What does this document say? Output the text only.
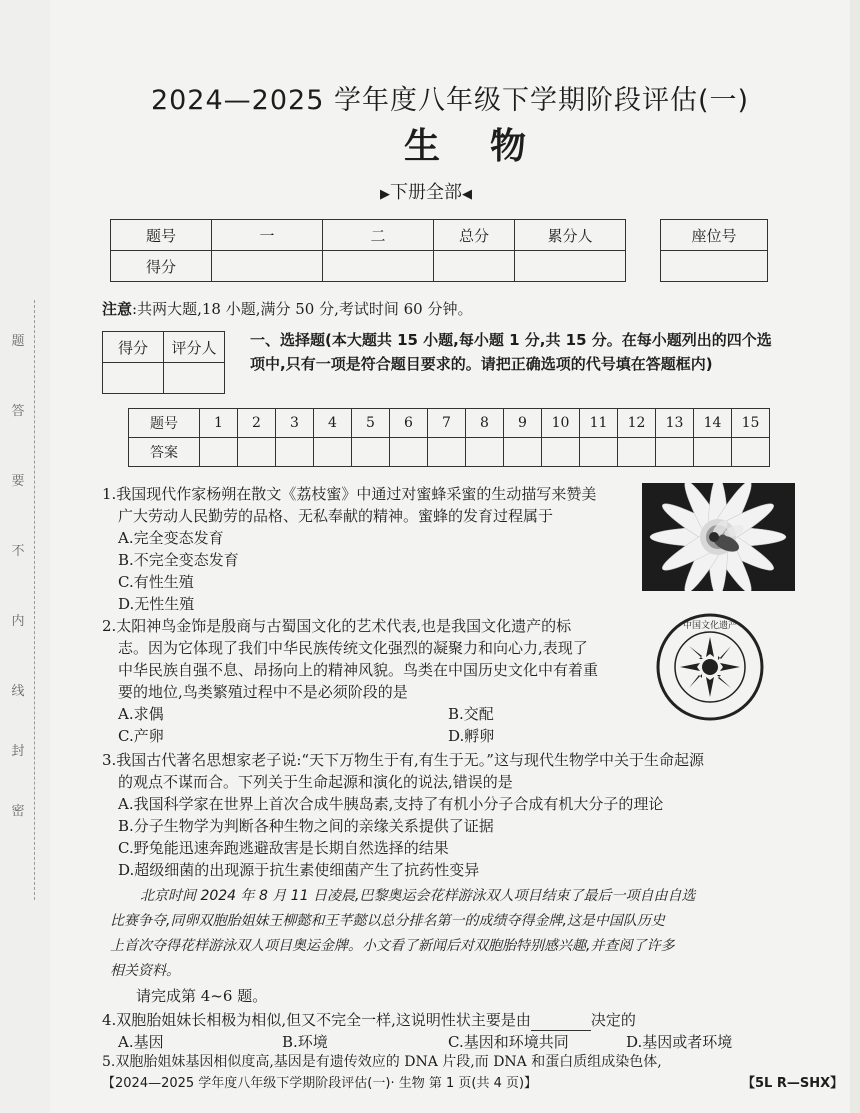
题
答
要
不
内
线
封
密
2024—2025 学年度八年级下学期阶段评估(一)
生物
▶下册全部◀
题号	一	二	总分	累分人
得分				
座位号

注意:共两大题,18 小题,满分 50 分,考试时间 60 分钟。
得分	评分人
	一、选择题(本大题共 15 小题,每小题 1 分,共 15 分。在每小题列出的四个选项中,只有一项是符合题目要求的。请把正确选项的代号填在答题框内)
题号	1	2	3	4	5	6	7	8	9	10	11	12	13	14	15
答案															
1.我国现代作家杨朔在散文《荔枝蜜》中通过对蜜蜂采蜜的生动描写来赞美
广大劳动人民勤劳的品格、无私奉献的精神。蜜蜂的发育过程属于
A.完全变态发育
B.不完全变态发育
C.有性生殖
D.无性生殖
2.太阳神鸟金饰是殷商与古蜀国文化的艺术代表,也是我国文化遗产的标
志。因为它体现了我们中华民族传统文化强烈的凝聚力和向心力,表现了
中华民族自强不息、昂扬向上的精神风貌。鸟类在中国历史文化中有着重
要的地位,鸟类繁殖过程中不是必须阶段的是
A.求偶	B.交配
C.产卵	D.孵卵
中国文化遗产
3.我国古代著名思想家老子说:“天下万物生于有,有生于无。”这与现代生物学中关于生命起源
的观点不谋而合。下列关于生命起源和演化的说法,错误的是
A.我国科学家在世界上首次合成牛胰岛素,支持了有机小分子合成有机大分子的理论
B.分子生物学为判断各种生物之间的亲缘关系提供了证据
C.野兔能迅速奔跑逃避敌害是长期自然选择的结果
D.超级细菌的出现源于抗生素使细菌产生了抗药性变异
北京时间 2024 年 8 月 11 日凌晨,巴黎奥运会花样游泳双人项目结束了最后一项自由自选
比赛争夺,同卵双胞胎姐妹王柳懿和王芊懿以总分排名第一的成绩夺得金牌,这是中国队历史
上首次夺得花样游泳双人项目奥运金牌。小文看了新闻后对双胞胎特别感兴趣,并查阅了许多
相关资料。
请完成第 4~6 题。
4.双胞胎姐妹长相极为相似,但又不完全一样,这说明性状主要是由	决定的
A.基因	B.环境	C.基因和环境共同	D.基因或者环境
5.双胞胎姐妹基因相似度高,基因是有遗传效应的 DNA 片段,而 DNA 和蛋白质组成染色体,
【2024—2025 学年度八年级下学期阶段评估(一)· 生物 第 1 页(共 4 页)】	【5L R—SHX】
